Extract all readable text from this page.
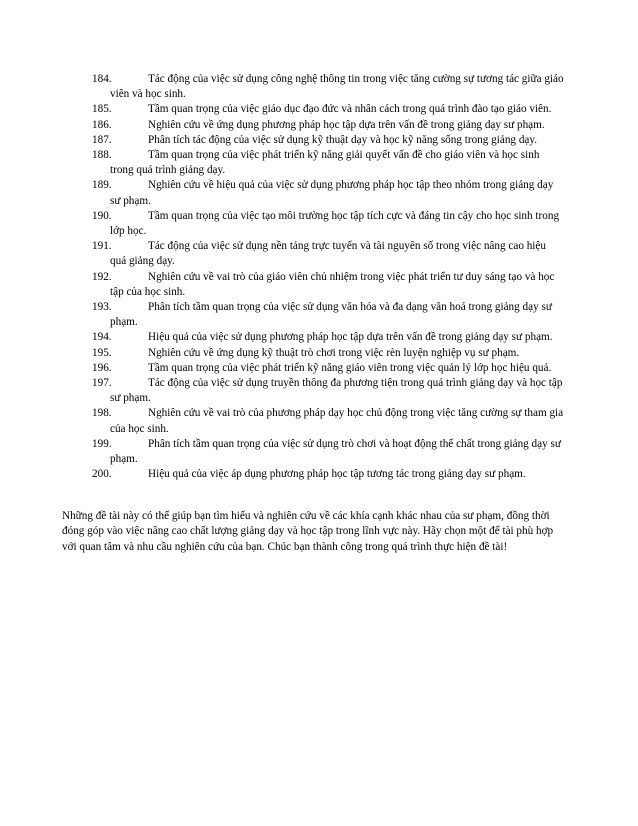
184.	Tác động của việc sử dụng công nghệ thông tin trong việc tăng cường sự tương tác giữa giáo viên và học sinh.
185.	Tầm quan trọng của việc giáo dục đạo đức và nhân cách trong quá trình đào tạo giáo viên.
186.	Nghiên cứu về ứng dụng phương pháp học tập dựa trên vấn đề trong giảng dạy sư phạm.
187.	Phân tích tác động của việc sử dụng kỹ thuật dạy và học kỹ năng sống trong giảng dạy.
188.	Tầm quan trọng của việc phát triển kỹ năng giải quyết vấn đề cho giáo viên và học sinh trong quá trình giảng dạy.
189.	Nghiên cứu về hiệu quả của việc sử dụng phương pháp học tập theo nhóm trong giảng dạy sư phạm.
190.	Tầm quan trọng của việc tạo môi trường học tập tích cực và đáng tin cậy cho học sinh trong lớp học.
191.	Tác động của việc sử dụng nền tảng trực tuyến và tài nguyên số trong việc nâng cao hiệu quả giảng dạy.
192.	Nghiên cứu về vai trò của giáo viên chủ nhiệm trong việc phát triển tư duy sáng tạo và học tập của học sinh.
193.	Phân tích tầm quan trọng của việc sử dụng văn hóa và đa dạng văn hoá trong giảng dạy sư phạm.
194.	Hiệu quả của việc sử dụng phương pháp học tập dựa trên vấn đề trong giảng dạy sư phạm.
195.	Nghiên cứu về ứng dụng kỹ thuật trò chơi trong việc rèn luyện nghiệp vụ sư phạm.
196.	Tầm quan trọng của việc phát triển kỹ năng giáo viên trong việc quản lý lớp học hiệu quả.
197.	Tác động của việc sử dụng truyền thông đa phương tiện trong quá trình giảng dạy và học tập sư phạm.
198.	Nghiên cứu về vai trò của phương pháp dạy học chủ động trong việc tăng cường sự tham gia của học sinh.
199.	Phân tích tầm quan trọng của việc sử dụng trò chơi và hoạt động thể chất trong giảng dạy sư phạm.
200.	Hiệu quả của việc áp dụng phương pháp học tập tương tác trong giảng dạy sư phạm.

Những đề tài này có thể giúp bạn tìm hiểu và nghiên cứu về các khía cạnh khác nhau của sư phạm, đồng thời đóng góp vào việc nâng cao chất lượng giảng dạy và học tập trong lĩnh vực này. Hãy chọn một để tài phù hợp với quan tâm và nhu cầu nghiên cứu của bạn. Chúc bạn thành công trong quá trình thực hiện đề tài!
